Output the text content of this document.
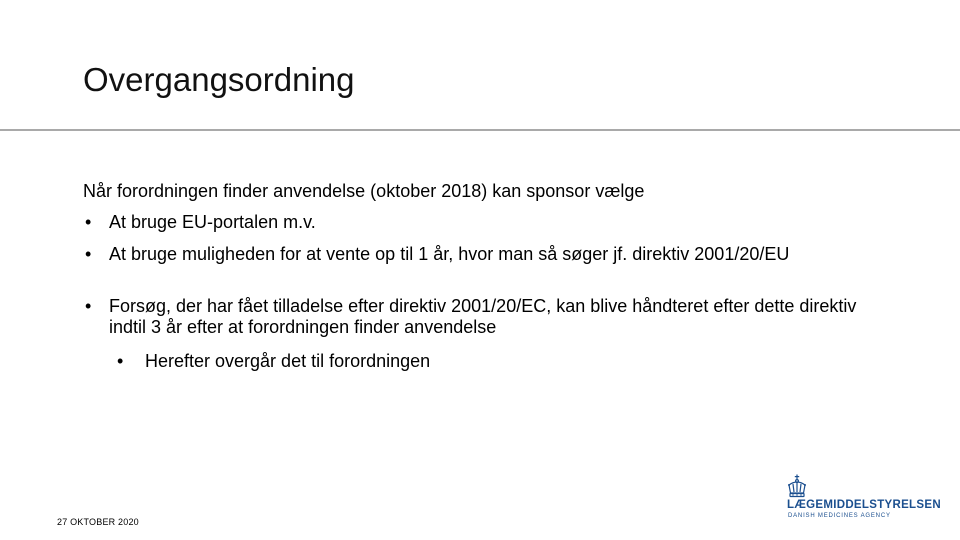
Overgangsordning
Når forordningen finder anvendelse (oktober 2018) kan sponsor vælge
• At bruge EU-portalen m.v.
• At bruge muligheden for at vente op til 1 år, hvor man så søger jf. direktiv 2001/20/EU
• Forsøg, der har fået tilladelse efter direktiv 2001/20/EC, kan blive håndteret efter dette direktiv indtil 3 år efter at forordningen finder anvendelse
• Herefter overgår det til forordningen
27 OKTOBER 2020
LÆGEMIDDELSTYRELSEN
DANISH MEDICINES AGENCY
